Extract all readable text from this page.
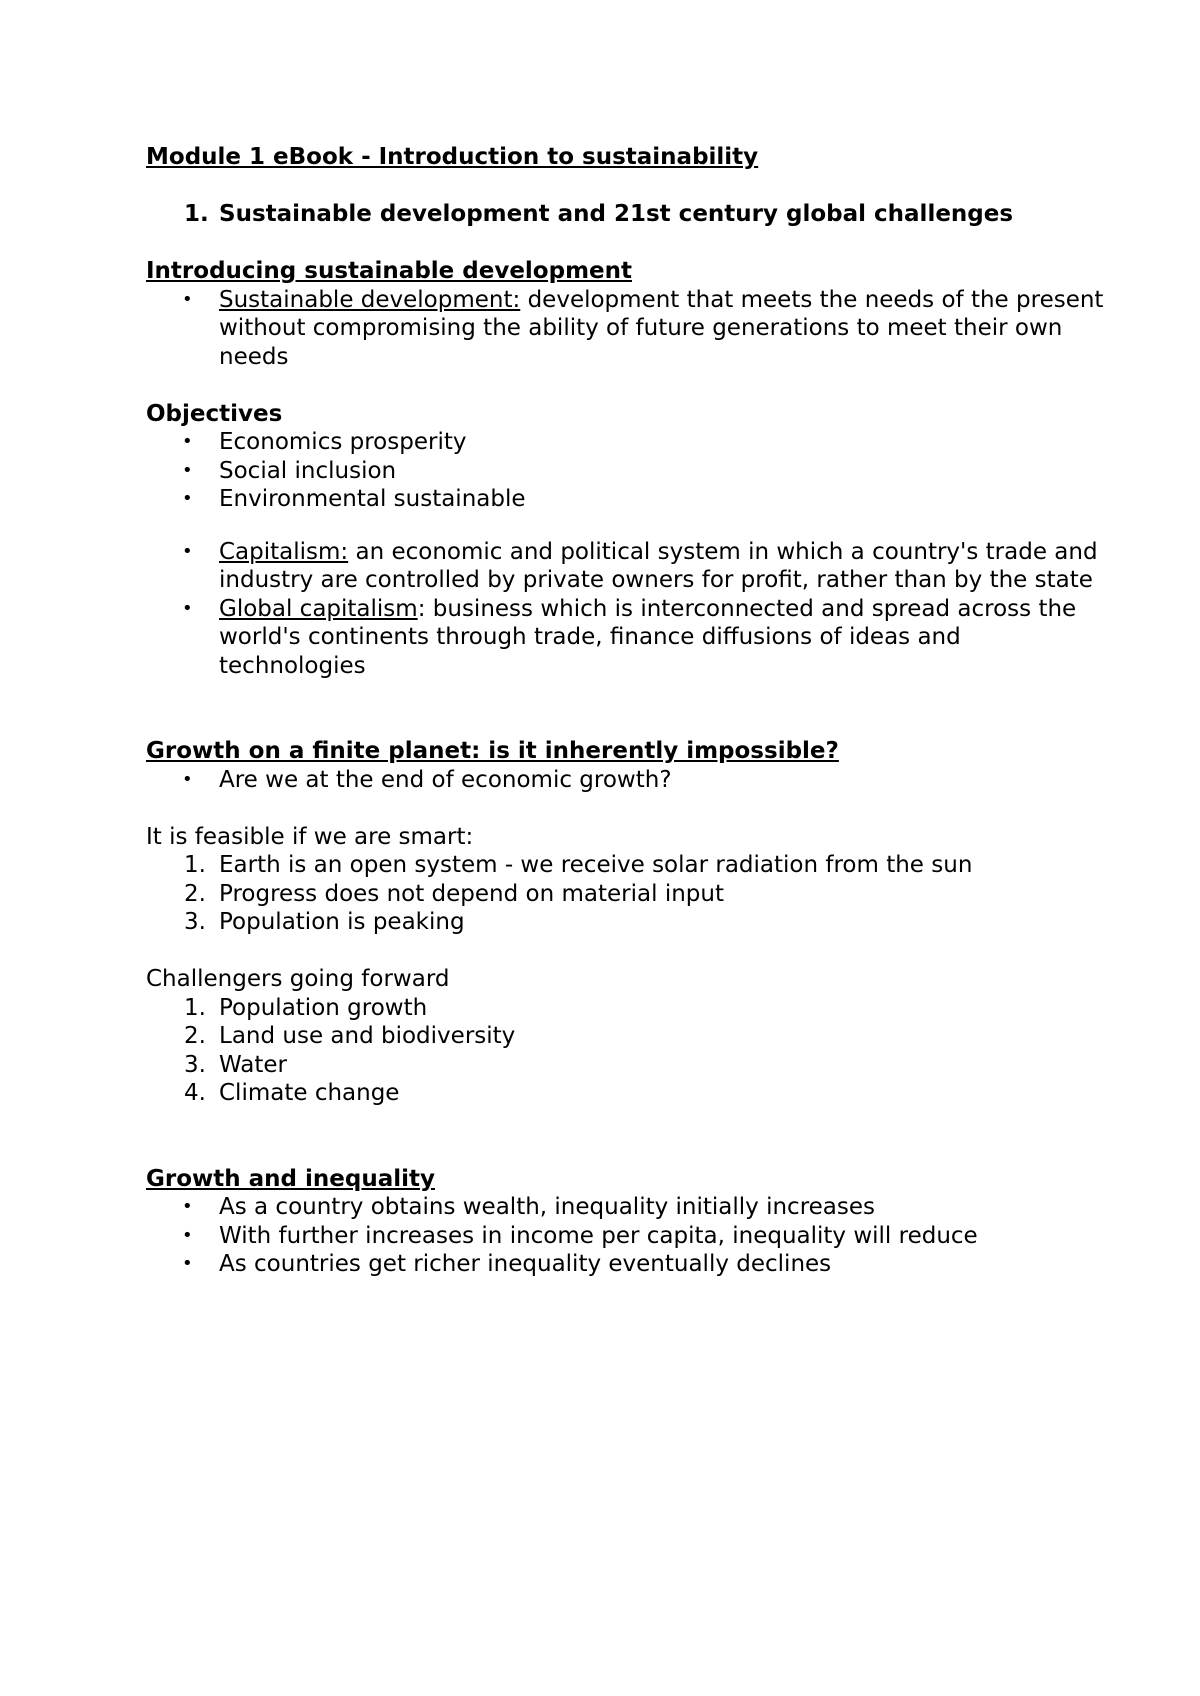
Module 1 eBook - Introduction to sustainability

1. Sustainable development and 21st century global challenges

Introducing sustainable development

• Sustainable development: development that meets the needs of the present without compromising the ability of future generations to meet their own needs

Objectives

• Economics prosperity
• Social inclusion
• Environmental sustainable
• Capitalism: an economic and political system in which a country's trade and industry are controlled by private owners for profit, rather than by the state
• Global capitalism: business which is interconnected and spread across the world's continents through trade, finance diffusions of ideas and technologies

Growth on a finite planet: is it inherently impossible?

• Are we at the end of economic growth?

It is feasible if we are smart:

1. Earth is an open system - we receive solar radiation from the sun
2. Progress does not depend on material input
3. Population is peaking

Challengers going forward

1. Population growth
2. Land use and biodiversity
3. Water
4. Climate change

Growth and inequality

• As a country obtains wealth, inequality initially increases
• With further increases in income per capita, inequality will reduce
• As countries get richer inequality eventually declines
